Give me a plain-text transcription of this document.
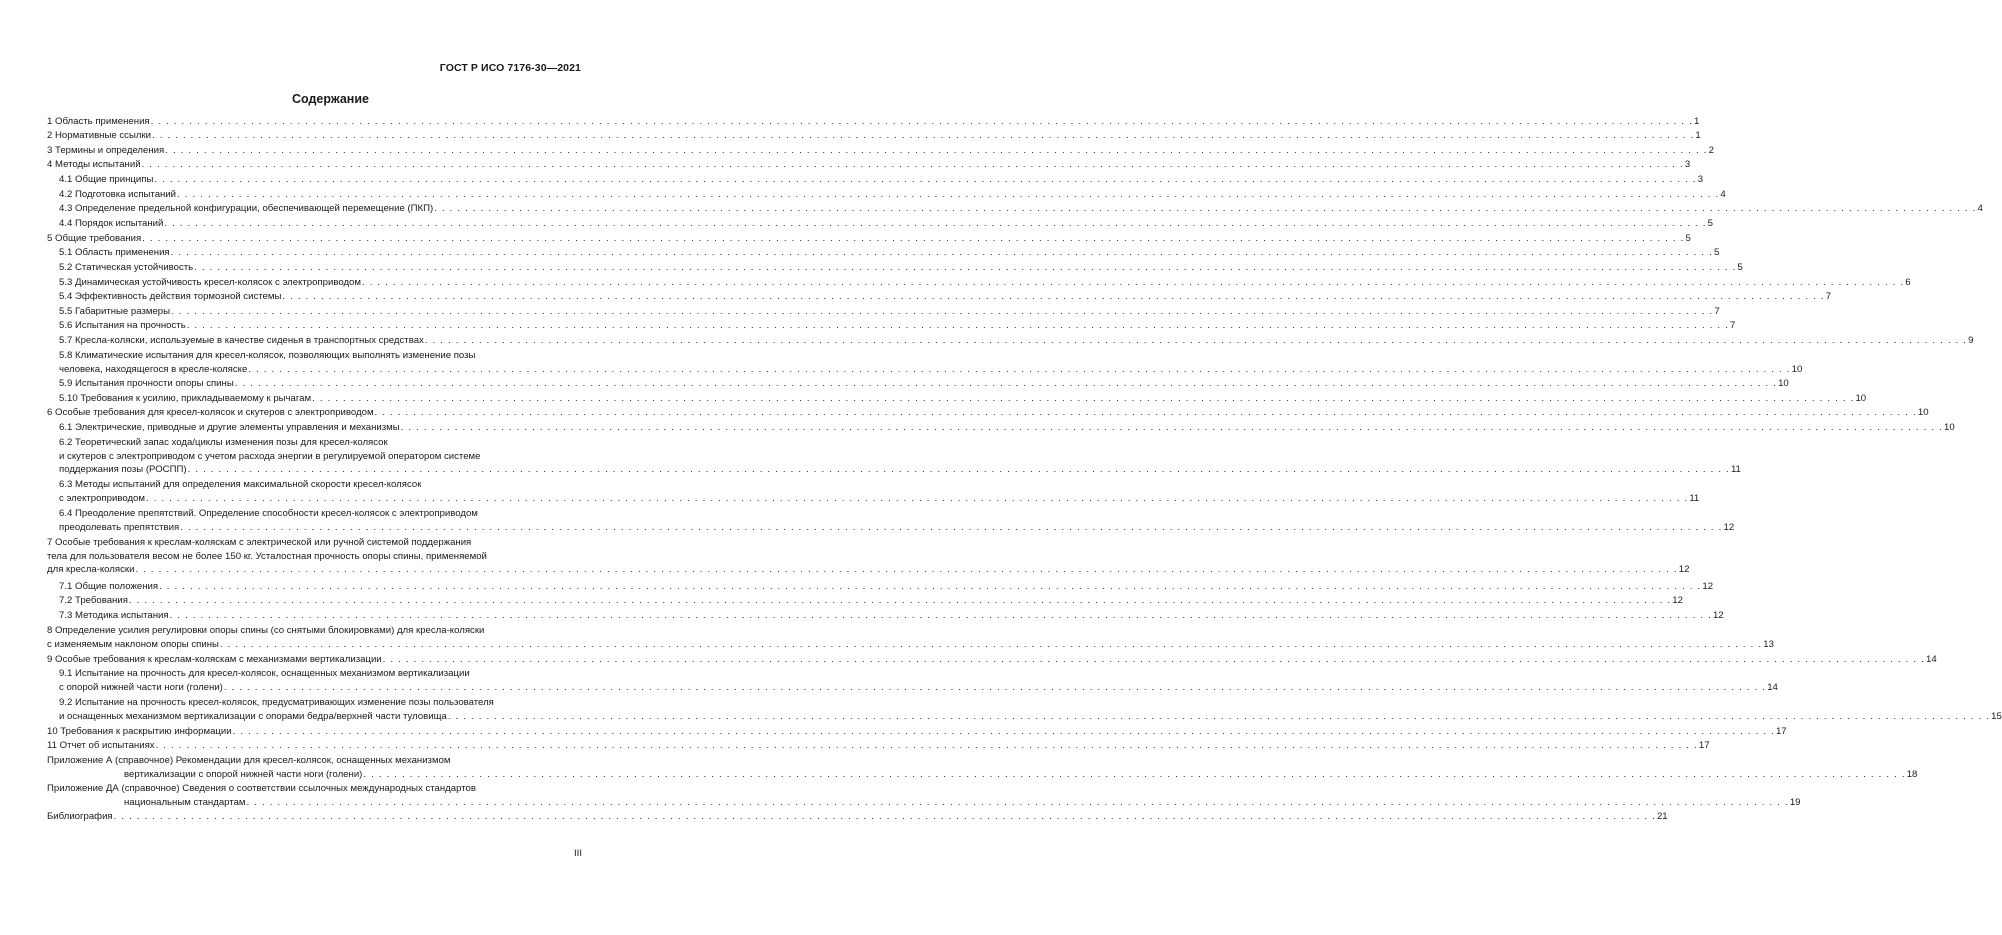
ГОСТ Р ИСО 7176-30—2021
Содержание
1 Область применения . . . . . . . . . . . . . . . . . . . . . . . . . . . . . . . . . . . . . . . . . . . . . . . . . . . . . . . . . . . . . . . . . . . . . . . . . . . . . . . . . . . . . . . . . . . . . . . . . . . . . . . . . . . . . . . . . . . . . . . . . . . . . . . . . . . . . . . . . . . . . . . . . . . . . . . . . . . . . . . . . . . . . . . . . . . . . . . . . . . . . . . . . . . . . . . . . . . . . . . . 1
2 Нормативные ссылки . . . . . . . . . . . . . . . . . . . . . . . . . . . . . . . . . . . . . . . . . . . . . . . . . . . . . . . . . . . . . . . . . . . . . . . . . . . . . . . . . . . . . . . . . . . . . . . . . . . . . . . . . . . . . . . . . . . . . . . . . . . . . . . . . . . . . . . . . . . . . . . . . . . . . . . . . . . . . . . . . . . . . . . . . . . . . . . . . . . . . . . . . . . . . . . . . . . . . . . . 1
3 Термины и определения . . . . . . . . . . . . . . . . . . . . . . . . . . . . . . . . . . . . . . . . . . . . . . . . . . . . . . . . . . . . . . . . . . . . . . . . . . . . . . . . . . . . . . . . . . . . . . . . . . . . . . . . . . . . . . . . . . . . . . . . . . . . . . . . . . . . . . . . . . . . . . . . . . . . . . . . . . . . . . . . . . . . . . . . . . . . . . . . . . . . . . . . . . . . . . . . . . . . . . . . 2
4 Методы испытаний . . . . . . . . . . . . . . . . . . . . . . . . . . . . . . . . . . . . . . . . . . . . . . . . . . . . . . . . . . . . . . . . . . . . . . . . . . . . . . . . . . . . . . . . . . . . . . . . . . . . . . . . . . . . . . . . . . . . . . . . . . . . . . . . . . . . . . . . . . . . . . . . . . . . . . . . . . . . . . . . . . . . . . . . . . . . . . . . . . . . . . . . . . . . . . . . . . . . . . . . 3
4.1 Общие принципы . . . . . . . . . . . . . . . . . . . . . . . . . . . . . . . . . . . . . . . . . . . . . . . . . . . . . . . . . . . . . . . . . . . . . . . . . . . . . . . . . . . . . . . . . . . . . . . . . . . . . . . . . . . . . . . . . . . . . . . . . . . . . . . . . . . . . . . . . . . . . . . . . . . . . . . . . . . . . . . . . . . . . . . . . . . . . . . . . . . . . . . . . . . . . . . . . . . . . . . . 3
4.2 Подготовка испытаний . . . . . . . . . . . . . . . . . . . . . . . . . . . . . . . . . . . . . . . . . . . . . . . . . . . . . . . . . . . . . . . . . . . . . . . . . . . . . . . . . . . . . . . . . . . . . . . . . . . . . . . . . . . . . . . . . . . . . . . . . . . . . . . . . . . . . . . . . . . . . . . . . . . . . . . . . . . . . . . . . . . . . . . . . . . . . . . . . . . . . . . . . . . . . . . . . . . . . . . . 4
4.3 Определение предельной конфигурации, обеспечивающей перемещение (ПКП) . . . . . . . . . . . . . . . . . . . . . . . . . . . . . . . . . . . . . . . . . . . . . . . . . . . . . . . . . . . . . . . . . . . . . . . . . . . . . . . . . . . . . . . . . . . . . . . . . . . . . . . . . . . . . . . . . . . . . . . . . . . . . . . . . . . . . . . . . . . . . . . . . . . . . . . . . . . . . . . . . . . . . . . . . . . . . . . . . . . . . . . . . . . . . . . . . . . . . . . . 4
4.4 Порядок испытаний . . . . . . . . . . . . . . . . . . . . . . . . . . . . . . . . . . . . . . . . . . . . . . . . . . . . . . . . . . . . . . . . . . . . . . . . . . . . . . . . . . . . . . . . . . . . . . . . . . . . . . . . . . . . . . . . . . . . . . . . . . . . . . . . . . . . . . . . . . . . . . . . . . . . . . . . . . . . . . . . . . . . . . . . . . . . . . . . . . . . . . . . . . . . . . . . . . . . . . . . 5
5 Общие требования . . . . . . . . . . . . . . . . . . . . . . . . . . . . . . . . . . . . . . . . . . . . . . . . . . . . . . . . . . . . . . . . . . . . . . . . . . . . . . . . . . . . . . . . . . . . . . . . . . . . . . . . . . . . . . . . . . . . . . . . . . . . . . . . . . . . . . . . . . . . . . . . . . . . . . . . . . . . . . . . . . . . . . . . . . . . . . . . . . . . . . . . . . . . . . . . . . . . . . . . 5
5.1 Область применения . . . . . . . . . . . . . . . . . . . . . . . . . . . . . . . . . . . . . . . . . . . . . . . . . . . . . . . . . . . . . . . . . . . . . . . . . . . . . . . . . . . . . . . . . . . . . . . . . . . . . . . . . . . . . . . . . . . . . . . . . . . . . . . . . . . . . . . . . . . . . . . . . . . . . . . . . . . . . . . . . . . . . . . . . . . . . . . . . . . . . . . . . . . . . . . . . . . . . . . . 5
5.2 Статическая устойчивость . . . . . . . . . . . . . . . . . . . . . . . . . . . . . . . . . . . . . . . . . . . . . . . . . . . . . . . . . . . . . . . . . . . . . . . . . . . . . . . . . . . . . . . . . . . . . . . . . . . . . . . . . . . . . . . . . . . . . . . . . . . . . . . . . . . . . . . . . . . . . . . . . . . . . . . . . . . . . . . . . . . . . . . . . . . . . . . . . . . . . . . . . . . . . . . . . . . . . . . . 5
5.3 Динамическая устойчивость кресел-колясок с электроприводом . . . . . . . . . . . . . . . . . . . . . . . . . . . . . . . . . . . . . . . . . . . . . . . . . . . . . . . . . . . . . . . . . . . . . . . . . . . . . . . . . . . . . . . . . . . . . . . . . . . . . . . . . . . . . . . . . . . . . . . . . . . . . . . . . . . . . . . . . . . . . . . . . . . . . . . . . . . . . . . . . . . . . . . . . . . . . . . . . . . . . . . . . . . . . . . . . . . . . . . . 6
5.4 Эффективность действия тормозной системы . . . . . . . . . . . . . . . . . . . . . . . . . . . . . . . . . . . . . . . . . . . . . . . . . . . . . . . . . . . . . . . . . . . . . . . . . . . . . . . . . . . . . . . . . . . . . . . . . . . . . . . . . . . . . . . . . . . . . . . . . . . . . . . . . . . . . . . . . . . . . . . . . . . . . . . . . . . . . . . . . . . . . . . . . . . . . . . . . . . . . . . . . . . . . . . . . . . . . . . . 7
5.5 Габаритные размеры . . . . . . . . . . . . . . . . . . . . . . . . . . . . . . . . . . . . . . . . . . . . . . . . . . . . . . . . . . . . . . . . . . . . . . . . . . . . . . . . . . . . . . . . . . . . . . . . . . . . . . . . . . . . . . . . . . . . . . . . . . . . . . . . . . . . . . . . . . . . . . . . . . . . . . . . . . . . . . . . . . . . . . . . . . . . . . . . . . . . . . . . . . . . . . . . . . . . . . . . 7
5.6 Испытания на прочность . . . . . . . . . . . . . . . . . . . . . . . . . . . . . . . . . . . . . . . . . . . . . . . . . . . . . . . . . . . . . . . . . . . . . . . . . . . . . . . . . . . . . . . . . . . . . . . . . . . . . . . . . . . . . . . . . . . . . . . . . . . . . . . . . . . . . . . . . . . . . . . . . . . . . . . . . . . . . . . . . . . . . . . . . . . . . . . . . . . . . . . . . . . . . . . . . . . . . . . . 7
5.7 Кресла-коляски, используемые в качестве сиденья в транспортных средствах . . . . . . . . . . . . . . . . . . . . . . . . . . . . . . . . . . . . . . . . . . . . . . . . . . . . . . . . . . . . . . . . . . . . . . . . . . . . . . . . . . . . . . . . . . . . . . . . . . . . . . . . . . . . . . . . . . . . . . . . . . . . . . . . . . . . . . . . . . . . . . . . . . . . . . . . . . . . . . . . . . . . . . . . . . . . . . . . . . . . . . . . . . . . . . . . . . . . . . . . 9
5.8 Климатические испытания для кресел-колясок, позволяющих выполнять изменение позы
человека, находящегося в кресле-коляске . . . . . . . . . . . . . . . . . . . . . . . . . . . . . . . . . . . . . . . . . . . . . . . . . . . . . . . . . . . . . . . . . . . . . . . . . . . . . . . . . . . . . . . . . . . . . . . . . . . . . . . . . . . . . . . . . . . . . . . . . . . . . . . . . . . . . . . . . . . . . . . . . . . . . . . . . . . . . . . . . . . . . . . . . . . . . . . . . . . . . . . . . . . . . . . . . . . . . . . . 10
5.9 Испытания прочности опоры спины . . . . . . . . . . . . . . . . . . . . . . . . . . . . . . . . . . . . . . . . . . . . . . . . . . . . . . . . . . . . . . . . . . . . . . . . . . . . . . . . . . . . . . . . . . . . . . . . . . . . . . . . . . . . . . . . . . . . . . . . . . . . . . . . . . . . . . . . . . . . . . . . . . . . . . . . . . . . . . . . . . . . . . . . . . . . . . . . . . . . . . . . . . . . . . . . . . . . . . . . 10
5.10 Требования к усилию, прикладываемому к рычагам . . . . . . . . . . . . . . . . . . . . . . . . . . . . . . . . . . . . . . . . . . . . . . . . . . . . . . . . . . . . . . . . . . . . . . . . . . . . . . . . . . . . . . . . . . . . . . . . . . . . . . . . . . . . . . . . . . . . . . . . . . . . . . . . . . . . . . . . . . . . . . . . . . . . . . . . . . . . . . . . . . . . . . . . . . . . . . . . . . . . . . . . . . . . . . . . . . . . . . . . 10
6 Особые требования для кресел-колясок и скутеров с электроприводом . . . . . . . . . . . . . . . . . . . . . . . . . . . . . . . . . . . . . . . . . . . . . . . . . . . . . . . . . . . . . . . . . . . . . . . . . . . . . . . . . . . . . . . . . . . . . . . . . . . . . . . . . . . . . . . . . . . . . . . . . . . . . . . . . . . . . . . . . . . . . . . . . . . . . . . . . . . . . . . . . . . . . . . . . . . . . . . . . . . . . . . . . . . . . . . . . . . . . . . . 10
6.1 Электрические, приводные и другие элементы управления и механизмы . . . . . . . . . . . . . . . . . . . . . . . . . . . . . . . . . . . . . . . . . . . . . . . . . . . . . . . . . . . . . . . . . . . . . . . . . . . . . . . . . . . . . . . . . . . . . . . . . . . . . . . . . . . . . . . . . . . . . . . . . . . . . . . . . . . . . . . . . . . . . . . . . . . . . . . . . . . . . . . . . . . . . . . . . . . . . . . . . . . . . . . . . . . . . . . . . . . . . . . . 10
6.2 Теоретический запас хода/циклы изменения позы для кресел-колясок
и скутеров с электроприводом с учетом расхода энергии в регулируемой оператором системе
поддержания позы (РОСПП) . . . . . . . . . . . . . . . . . . . . . . . . . . . . . . . . . . . . . . . . . . . . . . . . . . . . . . . . . . . . . . . . . . . . . . . . . . . . . . . . . . . . . . . . . . . . . . . . . . . . . . . . . . . . . . . . . . . . . . . . . . . . . . . . . . . . . . . . . . . . . . . . . . . . . . . . . . . . . . . . . . . . . . . . . . . . . . . . . . . . . . . . . . . . . . . . . . . . . . . . 11
6.3 Методы испытаний для определения максимальной скорости кресел-колясок
с электроприводом . . . . . . . . . . . . . . . . . . . . . . . . . . . . . . . . . . . . . . . . . . . . . . . . . . . . . . . . . . . . . . . . . . . . . . . . . . . . . . . . . . . . . . . . . . . . . . . . . . . . . . . . . . . . . . . . . . . . . . . . . . . . . . . . . . . . . . . . . . . . . . . . . . . . . . . . . . . . . . . . . . . . . . . . . . . . . . . . . . . . . . . . . . . . . . . . . . . . . . . . 11
6.4 Преодоление препятствий. Определение способности кресел-колясок с электроприводом
преодолевать препятствия . . . . . . . . . . . . . . . . . . . . . . . . . . . . . . . . . . . . . . . . . . . . . . . . . . . . . . . . . . . . . . . . . . . . . . . . . . . . . . . . . . . . . . . . . . . . . . . . . . . . . . . . . . . . . . . . . . . . . . . . . . . . . . . . . . . . . . . . . . . . . . . . . . . . . . . . . . . . . . . . . . . . . . . . . . . . . . . . . . . . . . . . . . . . . . . . . . . . . . . . 12
7 Особые требования к креслам-коляскам с электрической или ручной системой поддержания
тела для пользователя весом не более 150 кг. Усталостная прочность опоры спины, применяемой
для кресла-коляски . . . . . . . . . . . . . . . . . . . . . . . . . . . . . . . . . . . . . . . . . . . . . . . . . . . . . . . . . . . . . . . . . . . . . . . . . . . . . . . . . . . . . . . . . . . . . . . . . . . . . . . . . . . . . . . . . . . . . . . . . . . . . . . . . . . . . . . . . . . . . . . . . . . . . . . . . . . . . . . . . . . . . . . . . . . . . . . . . . . . . . . . . . . . . . . . . . . . . . . . 12
7.1 Общие положения . . . . . . . . . . . . . . . . . . . . . . . . . . . . . . . . . . . . . . . . . . . . . . . . . . . . . . . . . . . . . . . . . . . . . . . . . . . . . . . . . . . . . . . . . . . . . . . . . . . . . . . . . . . . . . . . . . . . . . . . . . . . . . . . . . . . . . . . . . . . . . . . . . . . . . . . . . . . . . . . . . . . . . . . . . . . . . . . . . . . . . . . . . . . . . . . . . . . . . . . 12
7.2 Требования . . . . . . . . . . . . . . . . . . . . . . . . . . . . . . . . . . . . . . . . . . . . . . . . . . . . . . . . . . . . . . . . . . . . . . . . . . . . . . . . . . . . . . . . . . . . . . . . . . . . . . . . . . . . . . . . . . . . . . . . . . . . . . . . . . . . . . . . . . . . . . . . . . . . . . . . . . . . . . . . . . . . . . . . . . . . . . . . . . . . . . . . . . . . . . . . . . . . . . . . 12
7.3 Методика испытания . . . . . . . . . . . . . . . . . . . . . . . . . . . . . . . . . . . . . . . . . . . . . . . . . . . . . . . . . . . . . . . . . . . . . . . . . . . . . . . . . . . . . . . . . . . . . . . . . . . . . . . . . . . . . . . . . . . . . . . . . . . . . . . . . . . . . . . . . . . . . . . . . . . . . . . . . . . . . . . . . . . . . . . . . . . . . . . . . . . . . . . . . . . . . . . . . . . . . . . . 12
8 Определение усилия регулировки опоры спины (со снятыми блокировками) для кресла-коляски
с изменяемым наклоном опоры спины . . . . . . . . . . . . . . . . . . . . . . . . . . . . . . . . . . . . . . . . . . . . . . . . . . . . . . . . . . . . . . . . . . . . . . . . . . . . . . . . . . . . . . . . . . . . . . . . . . . . . . . . . . . . . . . . . . . . . . . . . . . . . . . . . . . . . . . . . . . . . . . . . . . . . . . . . . . . . . . . . . . . . . . . . . . . . . . . . . . . . . . . . . . . . . . . . . . . . . . . 13
9 Особые требования к креслам-коляскам с механизмами вертикализации . . . . . . . . . . . . . . . . . . . . . . . . . . . . . . . . . . . . . . . . . . . . . . . . . . . . . . . . . . . . . . . . . . . . . . . . . . . . . . . . . . . . . . . . . . . . . . . . . . . . . . . . . . . . . . . . . . . . . . . . . . . . . . . . . . . . . . . . . . . . . . . . . . . . . . . . . . . . . . . . . . . . . . . . . . . . . . . . . . . . . . . . . . . . . . . . . . . . . . . . 14
9.1 Испытание на прочность для кресел-колясок, оснащенных механизмом вертикализации
с опорой нижней части ноги (голени) . . . . . . . . . . . . . . . . . . . . . . . . . . . . . . . . . . . . . . . . . . . . . . . . . . . . . . . . . . . . . . . . . . . . . . . . . . . . . . . . . . . . . . . . . . . . . . . . . . . . . . . . . . . . . . . . . . . . . . . . . . . . . . . . . . . . . . . . . . . . . . . . . . . . . . . . . . . . . . . . . . . . . . . . . . . . . . . . . . . . . . . . . . . . . . . . . . . . . . . . 14
9.2 Испытание на прочность кресел-колясок, предусматривающих изменение позы пользователя
и оснащенных механизмом вертикализации с опорами бедра/верхней части туловища . . . . . . . . . . . . . . . . . . . . . . . . . . . . . . . . . . . . . . . . . . . . . . . . . . . . . . . . . . . . . . . . . . . . . . . . . . . . . . . . . . . . . . . . . . . . . . . . . . . . . . . . . . . . . . . . . . . . . . . . . . . . . . . . . . . . . . . . . . . . . . . . . . . . . . . . . . . . . . . . . . . . . . . . . . . . . . . . . . . . . . . . . . . . . . . . . . . . . . . . 15
10 Требования к раскрытию информации . . . . . . . . . . . . . . . . . . . . . . . . . . . . . . . . . . . . . . . . . . . . . . . . . . . . . . . . . . . . . . . . . . . . . . . . . . . . . . . . . . . . . . . . . . . . . . . . . . . . . . . . . . . . . . . . . . . . . . . . . . . . . . . . . . . . . . . . . . . . . . . . . . . . . . . . . . . . . . . . . . . . . . . . . . . . . . . . . . . . . . . . . . . . . . . . . . . . . . . . 17
11 Отчет об испытаниях . . . . . . . . . . . . . . . . . . . . . . . . . . . . . . . . . . . . . . . . . . . . . . . . . . . . . . . . . . . . . . . . . . . . . . . . . . . . . . . . . . . . . . . . . . . . . . . . . . . . . . . . . . . . . . . . . . . . . . . . . . . . . . . . . . . . . . . . . . . . . . . . . . . . . . . . . . . . . . . . . . . . . . . . . . . . . . . . . . . . . . . . . . . . . . . . . . . . . . . . 17
Приложение А (справочное) Рекомендации для кресел-колясок, оснащенных механизмом
вертикализации с опорой нижней части ноги (голени) . . . . . . . . . . . . . . . . . . . . . . . . . . . . . . . . . . . . . . . . . . . . . . . . . . . . . . . . . . . . . . . . . . . . . . . . . . . . . . . . . . . . . . . . . . . . . . . . . . . . . . . . . . . . . . . . . . . . . . . . . . . . . . . . . . . . . . . . . . . . . . . . . . . . . . . . . . . . . . . . . . . . . . . . . . . . . . . . . . . . . . . . . . . . . . . . . . . . . . . . 18
Приложение ДА (справочное) Сведения о соответствии ссылочных международных стандартов
национальным стандартам . . . . . . . . . . . . . . . . . . . . . . . . . . . . . . . . . . . . . . . . . . . . . . . . . . . . . . . . . . . . . . . . . . . . . . . . . . . . . . . . . . . . . . . . . . . . . . . . . . . . . . . . . . . . . . . . . . . . . . . . . . . . . . . . . . . . . . . . . . . . . . . . . . . . . . . . . . . . . . . . . . . . . . . . . . . . . . . . . . . . . . . . . . . . . . . . . . . . . . . . 19
Библиография . . . . . . . . . . . . . . . . . . . . . . . . . . . . . . . . . . . . . . . . . . . . . . . . . . . . . . . . . . . . . . . . . . . . . . . . . . . . . . . . . . . . . . . . . . . . . . . . . . . . . . . . . . . . . . . . . . . . . . . . . . . . . . . . . . . . . . . . . . . . . . . . . . . . . . . . . . . . . . . . . . . . . . . . . . . . . . . . . . . . . . . . . . . . . . . . . . . . . . . . 21
III
